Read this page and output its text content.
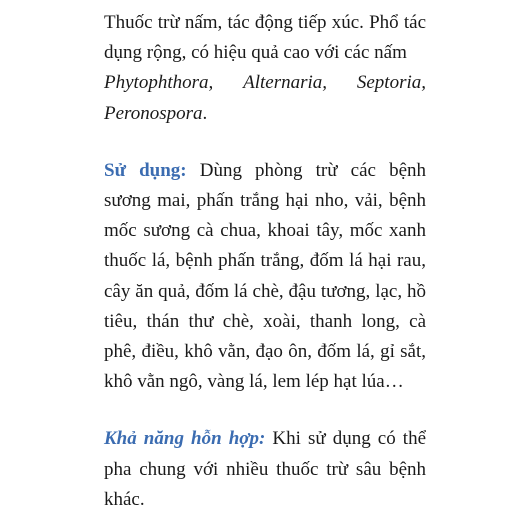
Thuốc trừ nấm, tác động tiếp xúc. Phổ tác dụng rộng, có hiệu quả cao với các nấm
Phytophthora, Alternaria, Septoria,
Peronospora.

Sử dụng: Dùng phòng trừ các bệnh sương mai, phấn trắng hại nho, vải, bệnh mốc sương cà chua, khoai tây, mốc xanh thuốc lá, bệnh phấn trắng, đốm lá hại rau, cây ăn quả, đốm lá chè, đậu tương, lạc, hồ tiêu, thán thư chè, xoài, thanh long, cà phê, điều, khô vằn, đạo ôn, đốm lá, gỉ sắt, khô vằn ngô, vàng lá, lem lép hạt lúa…

Khả năng hỗn hợp: Khi sử dụng có thể pha chung với nhiều thuốc trừ sâu bệnh khác.
